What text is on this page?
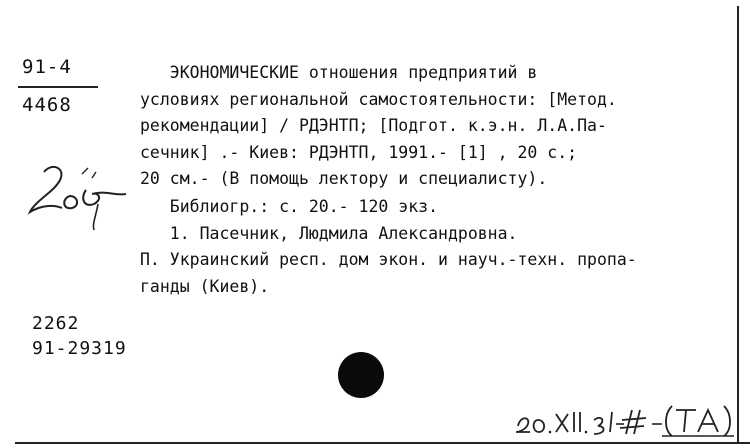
91-4
4468
ЭКОНОМИЧЕСКИЕ отношения предприятий в
условиях региональной самостоятельности: [Метод.
рекомендации] / РДЭНТП; [Подгот. к.э.н. Л.А.Па-
сечник] .- Киев: РДЭНТП, 1991.- [1] , 20 с.;
20 см.- (В помощь лектору и специалисту).
Библиогр.: с. 20.- 120 экз.
1. Пасечник, Людмила Александровна.
П. Украинский респ. дом экон. и науч.-техн. пропа-
ганды (Киев).
2262
91-29319
